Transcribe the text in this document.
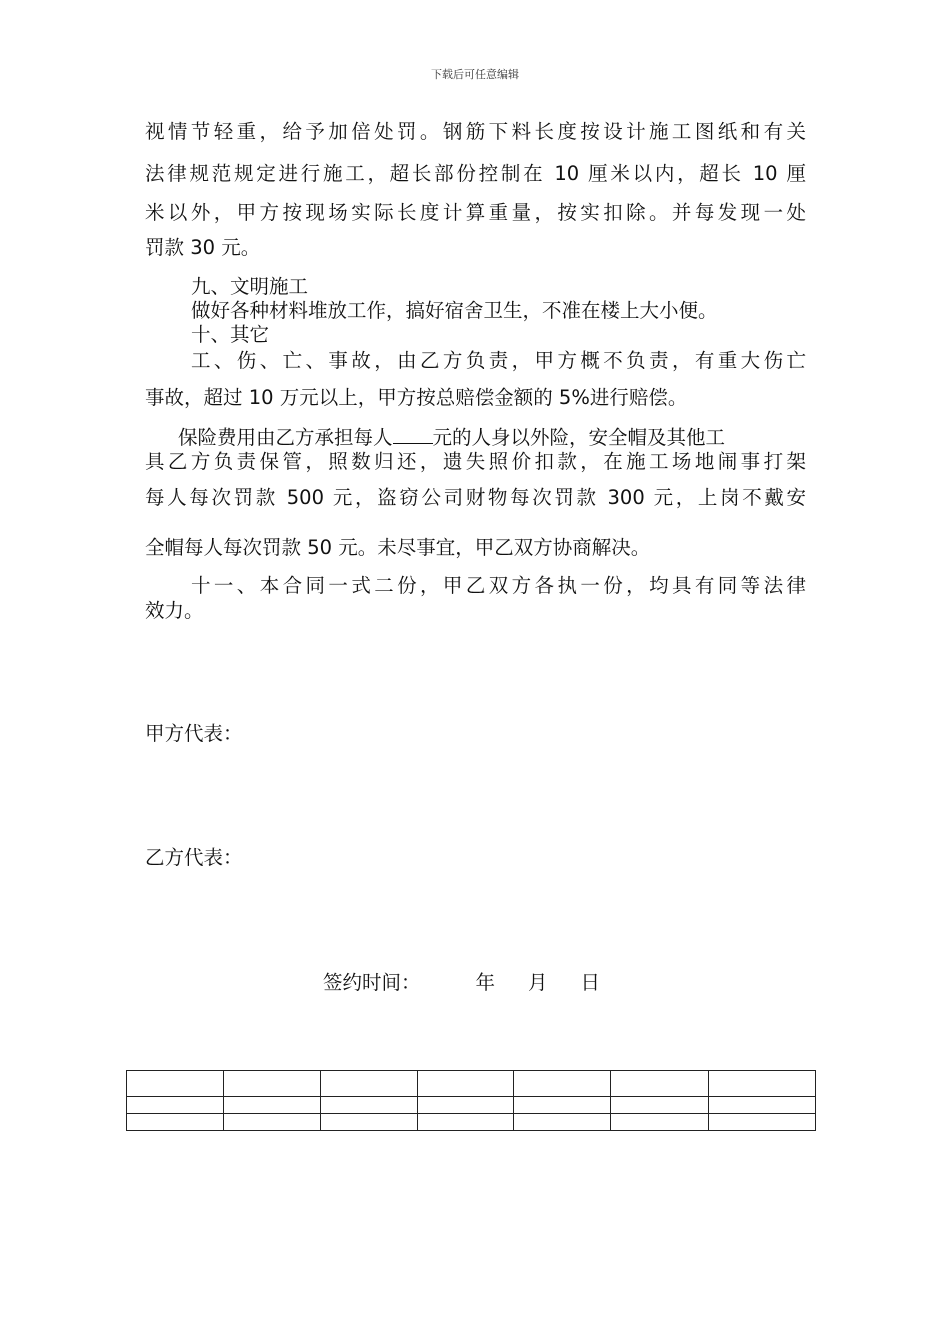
下载后可任意编辑
视情节轻重，给予加倍处罚。钢筋下料长度按设计施工图纸和有关
法律规范规定进行施工，超长部份控制在 10 厘米以内，超长 10 厘
米以外，甲方按现场实际长度计算重量，按实扣除。并每发现一处
罚款 30 元。
九、文明施工
做好各种材料堆放工作，搞好宿舍卫生，不准在楼上大小便。
十、其它
工、伤、亡、事故，由乙方负责，甲方概不负责，有重大伤亡
事故，超过 10 万元以上，甲方按总赔偿金额的 5%进行赔偿。
保险费用由乙方承担每人 元的人身以外险，安全帽及其他工
具乙方负责保管，照数归还，遗失照价扣款，在施工场地闹事打架
每人每次罚款 500 元，盗窃公司财物每次罚款 300 元，上岗不戴安
全帽每人每次罚款 50 元。未尽事宜，甲乙双方协商解决。
十一、本合同一式二份，甲乙双方各执一份，均具有同等法律
效力。
甲方代表：
乙方代表：
签约时间：	年 月 日
